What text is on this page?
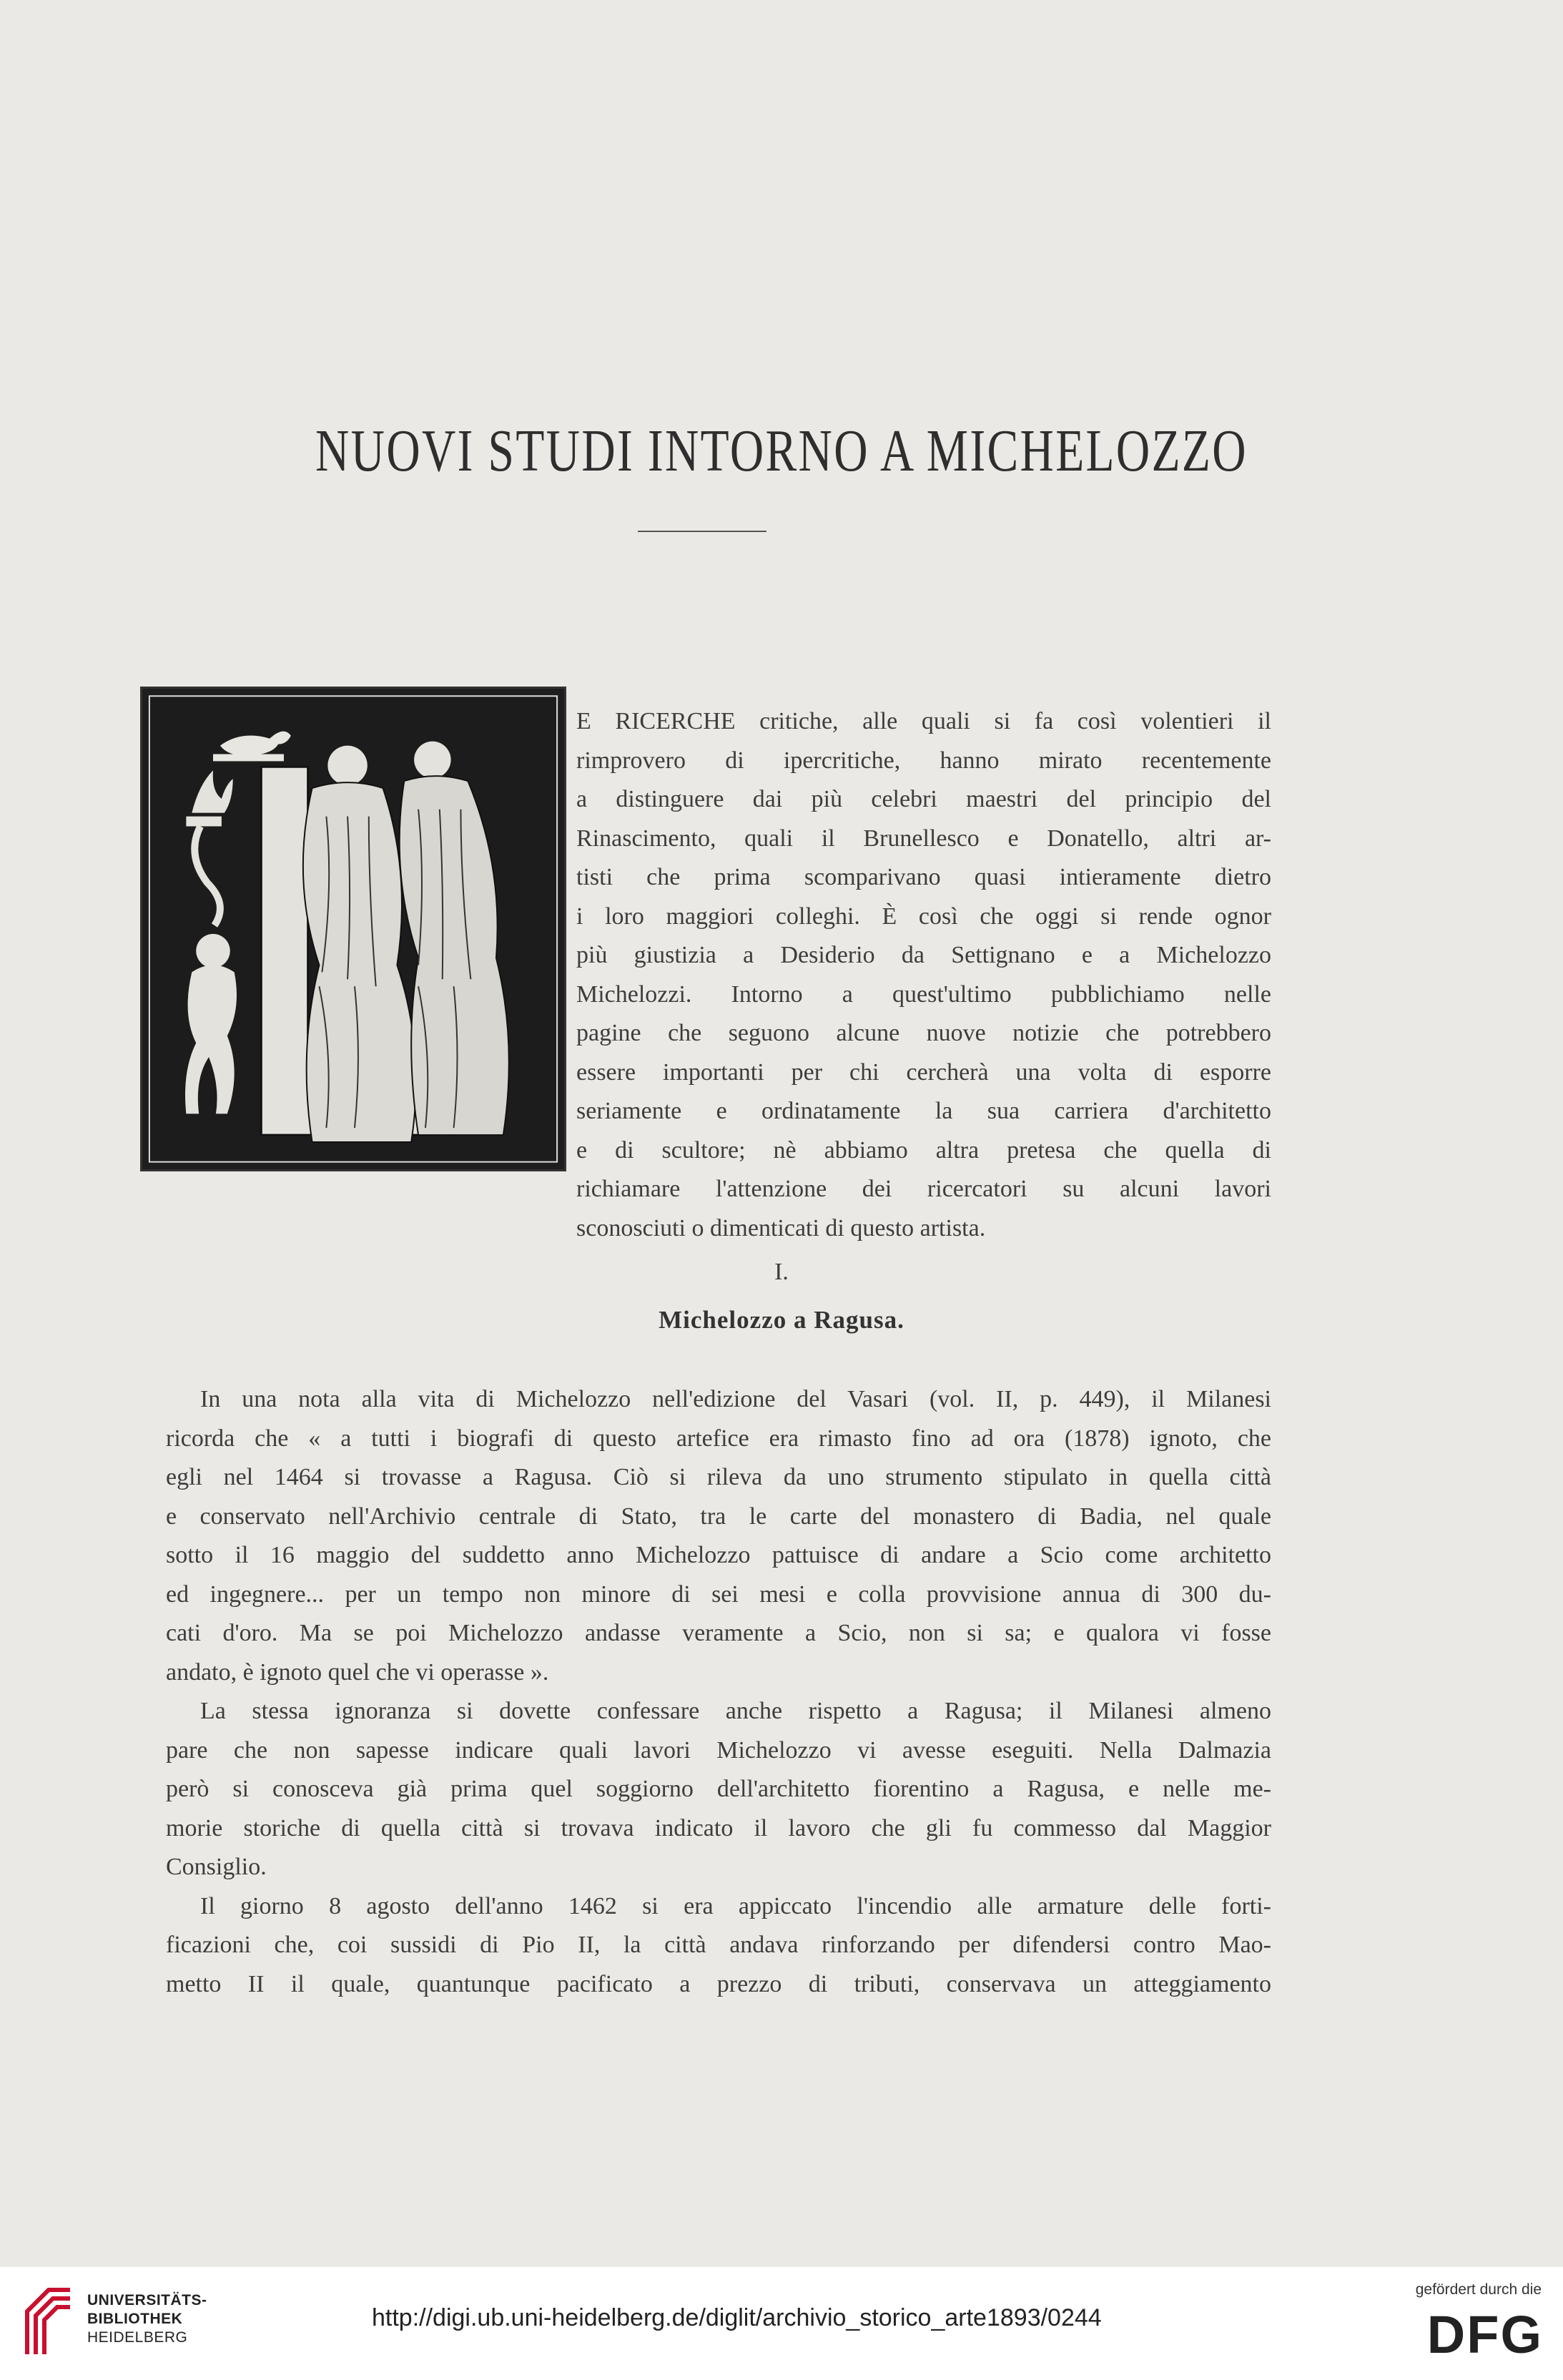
NUOVI STUDI INTORNO A MICHELOZZO
E RICERCHE critiche, alle quali si fa così volentieri il
rimprovero di ipercritiche, hanno mirato recentemente
a distinguere dai più celebri maestri del principio del
Rinascimento, quali il Brunellesco e Donatello, altri ar-
tisti che prima scomparivano quasi intieramente dietro
i loro maggiori colleghi. È così che oggi si rende ognor
più giustizia a Desiderio da Settignano e a Michelozzo
Michelozzi. Intorno a quest'ultimo pubblichiamo nelle
pagine che seguono alcune nuove notizie che potrebbero
essere importanti per chi cercherà una volta di esporre
seriamente e ordinatamente la sua carriera d'architetto
e di scultore; nè abbiamo altra pretesa che quella di
richiamare l'attenzione dei ricercatori su alcuni lavori
sconosciuti o dimenticati di questo artista.
I.
Michelozzo a Ragusa.
In una nota alla vita di Michelozzo nell'edizione del Vasari (vol. II, p. 449), il Milanesi
ricorda che « a tutti i biografi di questo artefice era rimasto fino ad ora (1878) ignoto, che
egli nel 1464 si trovasse a Ragusa. Ciò si rileva da uno strumento stipulato in quella città
e conservato nell'Archivio centrale di Stato, tra le carte del monastero di Badia, nel quale
sotto il 16 maggio del suddetto anno Michelozzo pattuisce di andare a Scio come architetto
ed ingegnere... per un tempo non minore di sei mesi e colla provvisione annua di 300 du-
cati d'oro. Ma se poi Michelozzo andasse veramente a Scio, non si sa; e qualora vi fosse
andato, è ignoto quel che vi operasse ».
La stessa ignoranza si dovette confessare anche rispetto a Ragusa; il Milanesi almeno
pare che non sapesse indicare quali lavori Michelozzo vi avesse eseguiti. Nella Dalmazia
però si conosceva già prima quel soggiorno dell'architetto fiorentino a Ragusa, e nelle me-
morie storiche di quella città si trovava indicato il lavoro che gli fu commesso dal Maggior
Consiglio.
Il giorno 8 agosto dell'anno 1462 si era appiccato l'incendio alle armature delle forti-
ficazioni che, coi sussidi di Pio II, la città andava rinforzando per difendersi contro Mao-
metto II il quale, quantunque pacificato a prezzo di tributi, conservava un atteggiamento
UNIVERSITÄTS-
BIBLIOTHEK
HEIDELBERG
http://digi.ub.uni-heidelberg.de/diglit/archivio_storico_arte1893/0244
gefördert durch die
DFG
